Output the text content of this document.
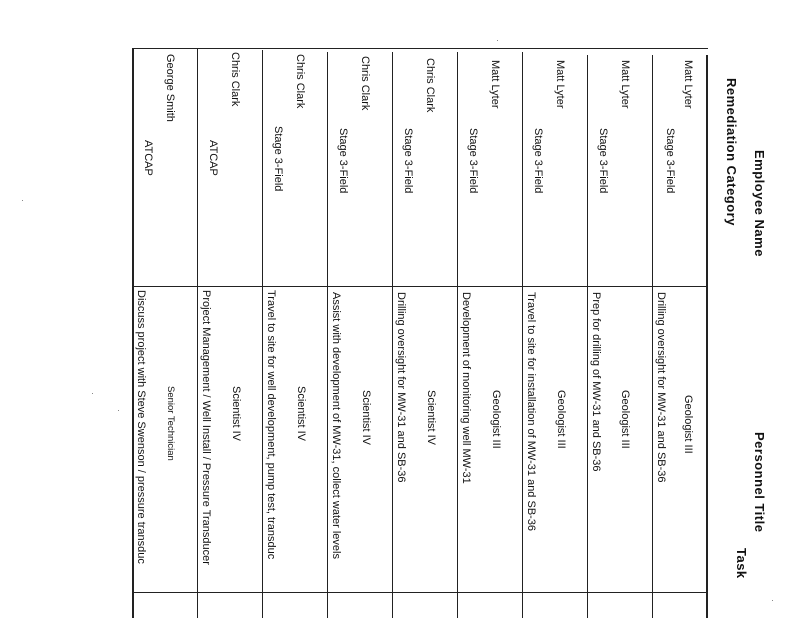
Employee Name
Remediation Category
Personnel Title
Task
Matt Lyter
Stage 3-Field
Geologist III
Drilling oversight for MW-31 and SB-36
Matt Lyter
Stage 3-Field
Geologist III
Prep for drilling of MW-31 and SB-36
Matt Lyter
Stage 3-Field
Geologist III
Travel to site for installation of MW-31 and SB-36
Matt Lyter
Stage 3-Field
Geologist III
Development of monitoring well MW-31
Chris Clark
Stage 3-Field
Scientist IV
Drilling oversight for MW-31 and SB-36
Chris Clark
Stage 3-Field
Scientist IV
Assist with development of MW-31, collect water levels
Chris Clark
Stage 3-Field
Scientist IV
Travel to site for well development, pump test, transduc
Chris Clark
ATCAP
Scientist IV
Project Management / Well Install / Pressure Transducer
George Smith
ATCAP
Senior Technician
Discuss project with Steve Swenson / pressure transduc
